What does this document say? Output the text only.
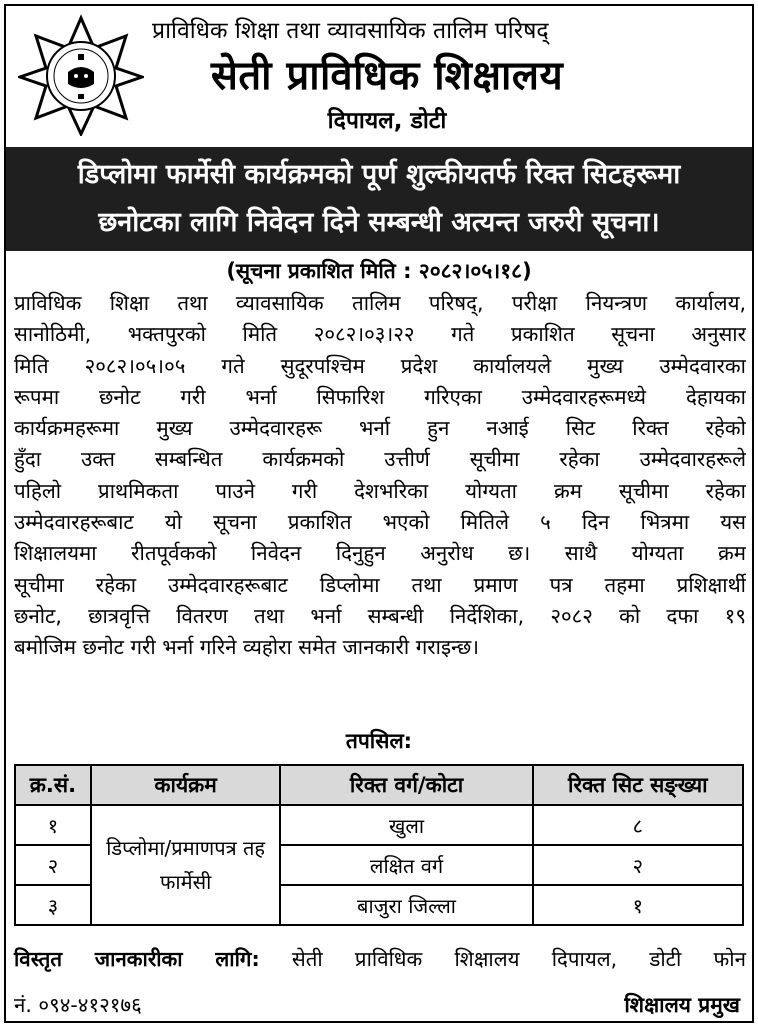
प्राविधिक शिक्षा तथा व्यावसायिक तालिम परिषद्
सेती प्राविधिक शिक्षालय
दिपायल, डोटी
डिप्लोमा फार्मेसी कार्यक्रमको पूर्ण शुल्कीयतर्फ रिक्त सिटहरूमा
छनोटका लागि निवेदन दिने सम्बन्धी अत्यन्त जरुरी सूचना।
(सूचना प्रकाशित मिति : २०८२।०५।१८)
प्राविधिक शिक्षा तथा व्यावसायिक तालिम परिषद्, परीक्षा नियन्त्रण कार्यालय,
सानोठिमी, भक्तपुरको मिति २०८२।०३।२२ गते प्रकाशित सूचना अनुसार
मिति २०८२।०५।०५ गते सुदूरपश्चिम प्रदेश कार्यालयले मुख्य उम्मेदवारका
रूपमा छनोट गरी भर्ना सिफारिश गरिएका उम्मेदवारहरूमध्ये देहायका
कार्यक्रमहरूमा मुख्य उम्मेदवारहरू भर्ना हुन नआई सिट रिक्त रहेको
हुँदा उक्त सम्बन्धित कार्यक्रमको उत्तीर्ण सूचीमा रहेका उम्मेदवारहरूले
पहिलो प्राथमिकता पाउने गरी देशभरिका योग्यता क्रम सूचीमा रहेका
उम्मेदवारहरूबाट यो सूचना प्रकाशित भएको मितिले ५ दिन भित्रमा यस
शिक्षालयमा रीतपूर्वकको निवेदन दिनुहुन अनुरोध छ। साथै योग्यता क्रम
सूचीमा रहेका उम्मेदवारहरूबाट डिप्लोमा तथा प्रमाण पत्र तहमा प्रशिक्षार्थी
छनोट, छात्रवृत्ति वितरण तथा भर्ना सम्बन्धी निर्देशिका, २०८२ को दफा १९
बमोजिम छनोट गरी भर्ना गरिने व्यहोरा समेत जानकारी गराइन्छ।
तपसिल:
क्र.सं.	कार्यक्रम	रिक्त वर्ग/कोटा	रिक्त सिट सङ्ख्या
१	डिप्लोमा/प्रमाणपत्र तह फार्मेसी	खुला	८
२		लक्षित वर्ग	२
३		बाजुरा जिल्ला	१
विस्तृत जानकारीका लागि: सेती प्राविधिक शिक्षालय दिपायल, डोटी फोन
नं. ०९४-४१२१७६	शिक्षालय प्रमुख
